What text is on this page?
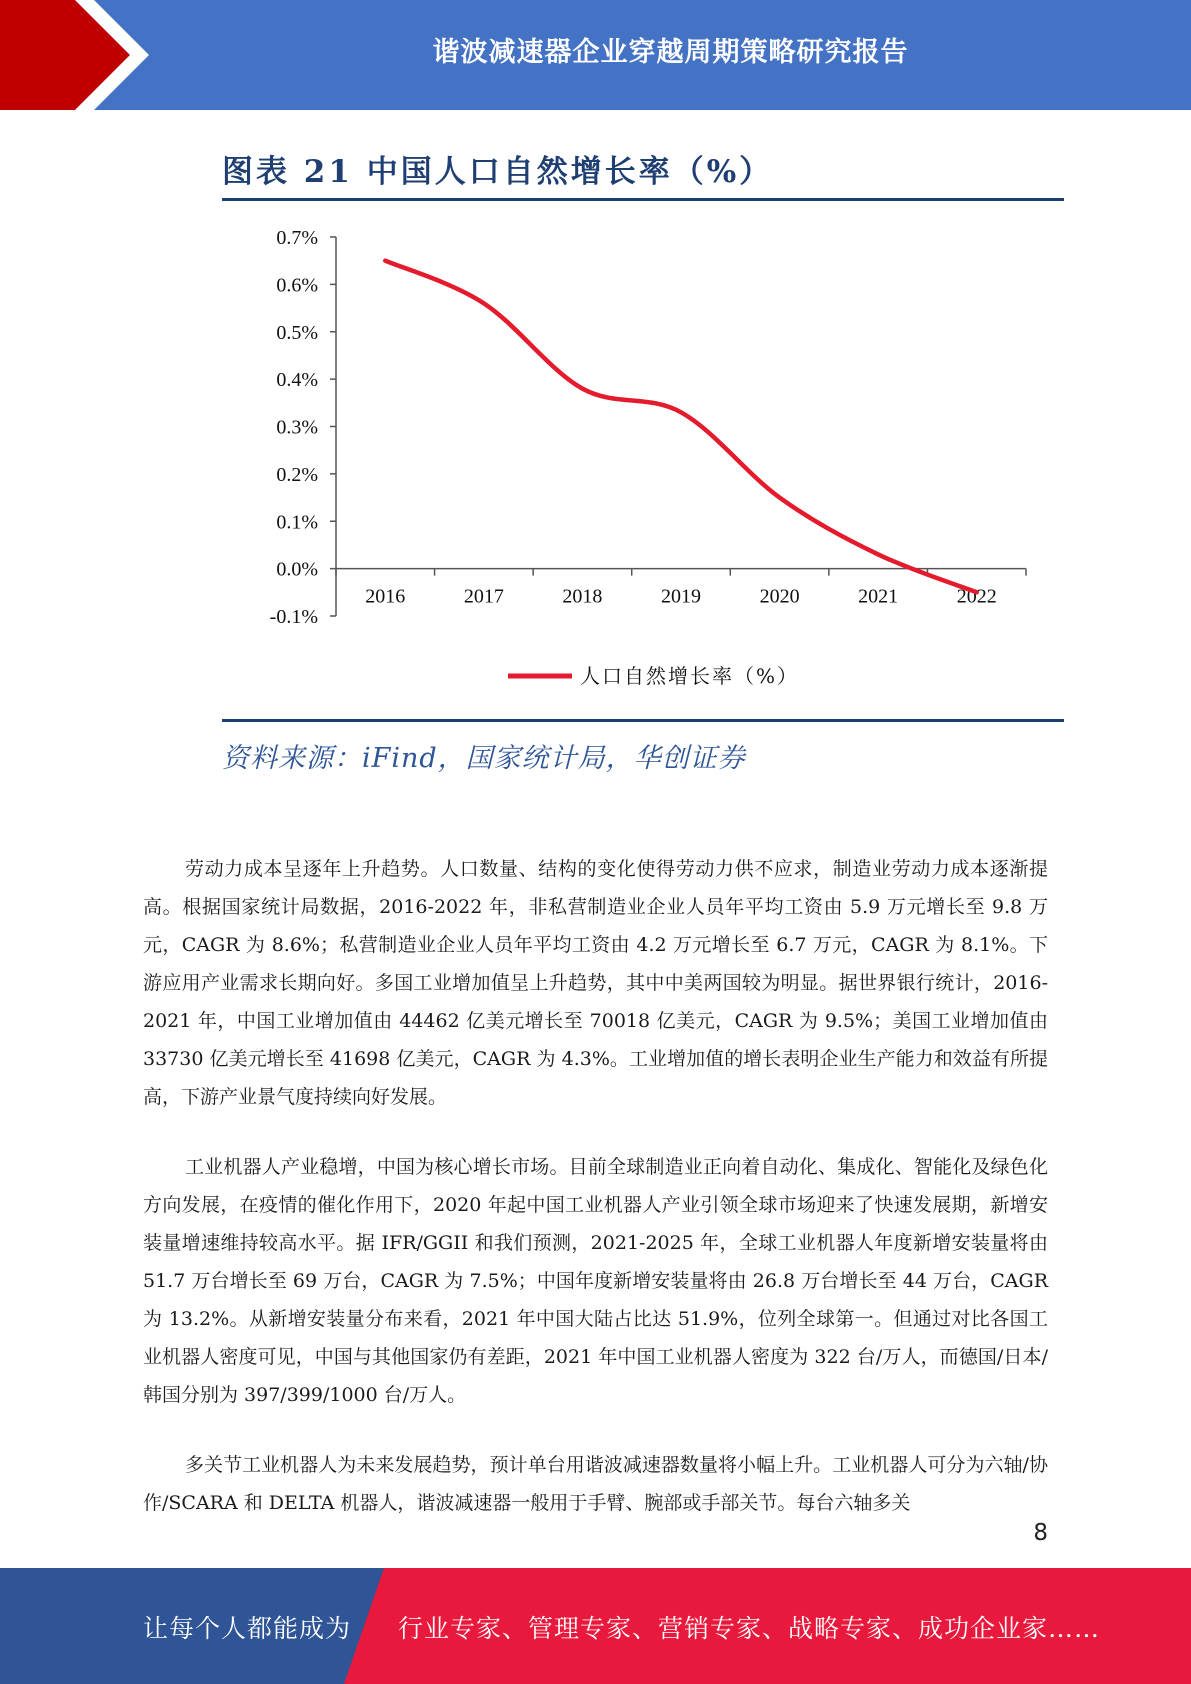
谐波减速器企业穿越周期策略研究报告
图表 21 中国人口自然增长率（%）
0.7%
0.6%
0.5%
0.4%
0.3%
0.2%
0.1%
0.0%
-0.1%
2016	2017	2018	2019	2020	2021	2022
人口自然增长率（%）
资料来源：iFind，国家统计局，华创证券

劳动力成本呈逐年上升趋势。人口数量、结构的变化使得劳动力供不应求，制造业劳动力成本逐渐提高。根据国家统计局数据，2016-2022 年，非私营制造业企业人员年平均工资由 5.9 万元增长至 9.8 万元，CAGR 为 8.6%；私营制造业企业人员年平均工资由 4.2 万元增长至 6.7 万元，CAGR 为 8.1%。下游应用产业需求长期向好。多国工业增加值呈上升趋势，其中中美两国较为明显。据世界银行统计，2016-2021 年，中国工业增加值由 44462 亿美元增长至 70018 亿美元，CAGR 为 9.5%；美国工业增加值由 33730 亿美元增长至 41698 亿美元，CAGR 为 4.3%。工业增加值的增长表明企业生产能力和效益有所提高，下游产业景气度持续向好发展。

工业机器人产业稳增，中国为核心增长市场。目前全球制造业正向着自动化、集成化、智能化及绿色化方向发展，在疫情的催化作用下，2020 年起中国工业机器人产业引领全球市场迎来了快速发展期，新增安装量增速维持较高水平。据 IFR/GGII 和我们预测，2021-2025 年，全球工业机器人年度新增安装量将由 51.7 万台增长至 69 万台，CAGR 为 7.5%；中国年度新增安装量将由 26.8 万台增长至 44 万台，CAGR 为 13.2%。从新增安装量分布来看，2021 年中国大陆占比达 51.9%，位列全球第一。但通过对比各国工业机器人密度可见，中国与其他国家仍有差距，2021 年中国工业机器人密度为 322 台/万人，而德国/日本/韩国分别为 397/399/1000 台/万人。

多关节工业机器人为未来发展趋势，预计单台用谐波减速器数量将小幅上升。工业机器人可分为六轴/协作/SCARA 和 DELTA 机器人，谐波减速器一般用于手臂、腕部或手部关节。每台六轴多关

8
让每个人都能成为 行业专家、管理专家、营销专家、战略专家、成功企业家……
